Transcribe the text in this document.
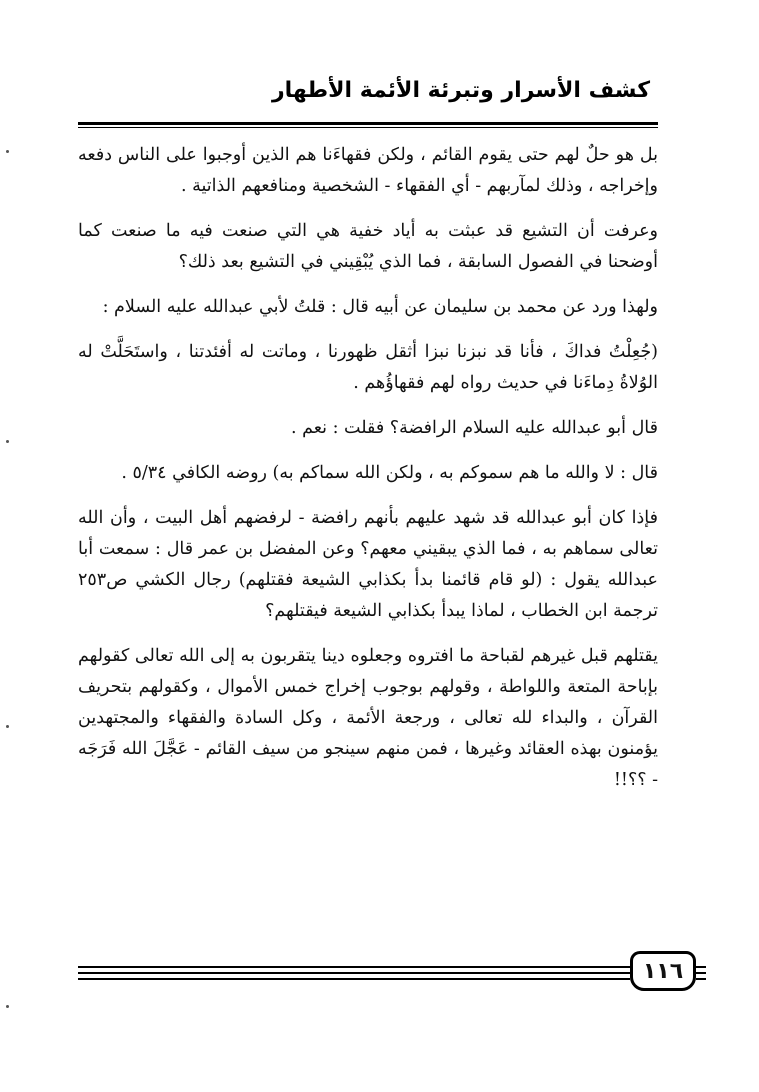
كشف الأسرار وتبرئة الأئمة الأطهار

بل هو حلٌ لهم حتى يقوم القائم ، ولكن فقهاءَنا هم الذين أوجبوا على الناس دفعه وإخراجه ، وذلك لمآربهم - أي الفقهاء - الشخصية ومنافعهم الذاتية .

وعرفت أن التشيع قد عبثت به أياد خفية هي التي صنعت فيه ما صنعت كما أوضحنا في الفصول السابقة ، فما الذي يُبْقِيني في التشيع بعد ذلك؟

ولهذا ورد عن محمد بن سليمان عن أبيه قال : قلتُ لأبي عبدالله عليه السلام :

(جُعِلْتُ فداكَ ، فأنا قد نبزنا نبزا أثقل ظهورنا ، وماتت له أفئدتنا ، واستَحَلَّتْ له الوُلاةُ دِماءَنا في حديث رواه لهم فقهاؤُهم .

قال أبو عبدالله عليه السلام الرافضة؟ فقلت : نعم .

قال : لا والله ما هم سموكم به ، ولكن الله سماكم به) روضه الكافي ٥/٣٤ .

فإذا كان أبو عبدالله قد شهد عليهم بأنهم رافضة - لرفضهم أهل البيت ، وأن الله تعالى سماهم به ، فما الذي يبقيني معهم؟ وعن المفضل بن عمر قال : سمعت أبا عبدالله يقول : (لو قام قائمنا بدأ بكذابي الشيعة فقتلهم) رجال الكشي ص٢٥٣ ترجمة ابن الخطاب ، لماذا يبدأ بكذابي الشيعة فيقتلهم؟

يقتلهم قبل غيرهم لقباحة ما افتروه وجعلوه دينا يتقربون به إلى الله تعالى كقولهم بإباحة المتعة واللواطة ، وقولهم بوجوب إخراج خمس الأموال ، وكقولهم بتحريف القرآن ، والبداء لله تعالى ، ورجعة الأئمة ، وكل السادة والفقهاء والمجتهدين يؤمنون بهذه العقائد وغيرها ، فمن منهم سينجو من سيف القائم - عَجَّلَ الله فَرَجَه - ؟؟!!

١١٦
